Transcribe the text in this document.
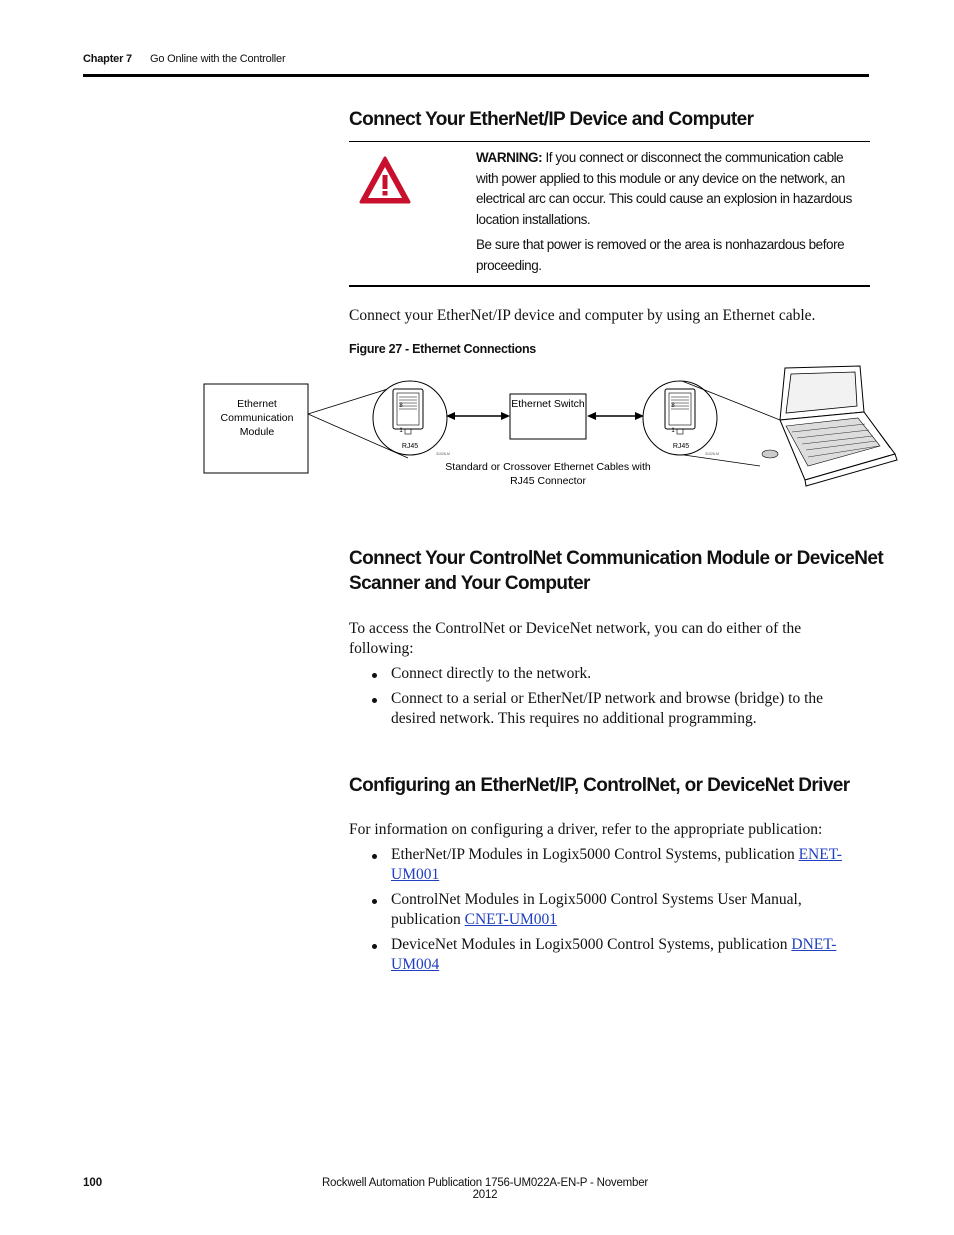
Chapter 7 Go Online with the Controller
Connect Your EtherNet/IP Device and Computer

WARNING: If you connect or disconnect the communication cable with power applied to this module or any device on the network, an electrical arc can occur. This could cause an explosion in hazardous location installations.

Be sure that power is removed or the area is nonhazardous before proceeding.

Connect your EtherNet/IP device and computer by using an Ethernet cable.
Figure 27 - Ethernet Connections
Ethernet
Communication
Module
8
1
RJ45
31026-M
Ethernet Switch	8
1
RJ45
31026-M
Standard or Crossover Ethernet Cables with
RJ45 Connector
Connect Your ControlNet Communication Module or DeviceNet
Scanner and Your Computer
To access the ControlNet or DeviceNet network, you can do either of the following:
Connect directly to the network.
Connect to a serial or EtherNet/IP network and browse (bridge) to the desired network. This requires no additional programming.
Configuring an EtherNet/IP, ControlNet, or DeviceNet Driver
For information on configuring a driver, refer to the appropriate publication:
EtherNet/IP Modules in Logix5000 Control Systems, publication ENET-UM001
ControlNet Modules in Logix5000 Control Systems User Manual, publication CNET-UM001
DeviceNet Modules in Logix5000 Control Systems, publication DNET-UM004
100	Rockwell Automation Publication 1756-UM022A-EN-P - November 2012
